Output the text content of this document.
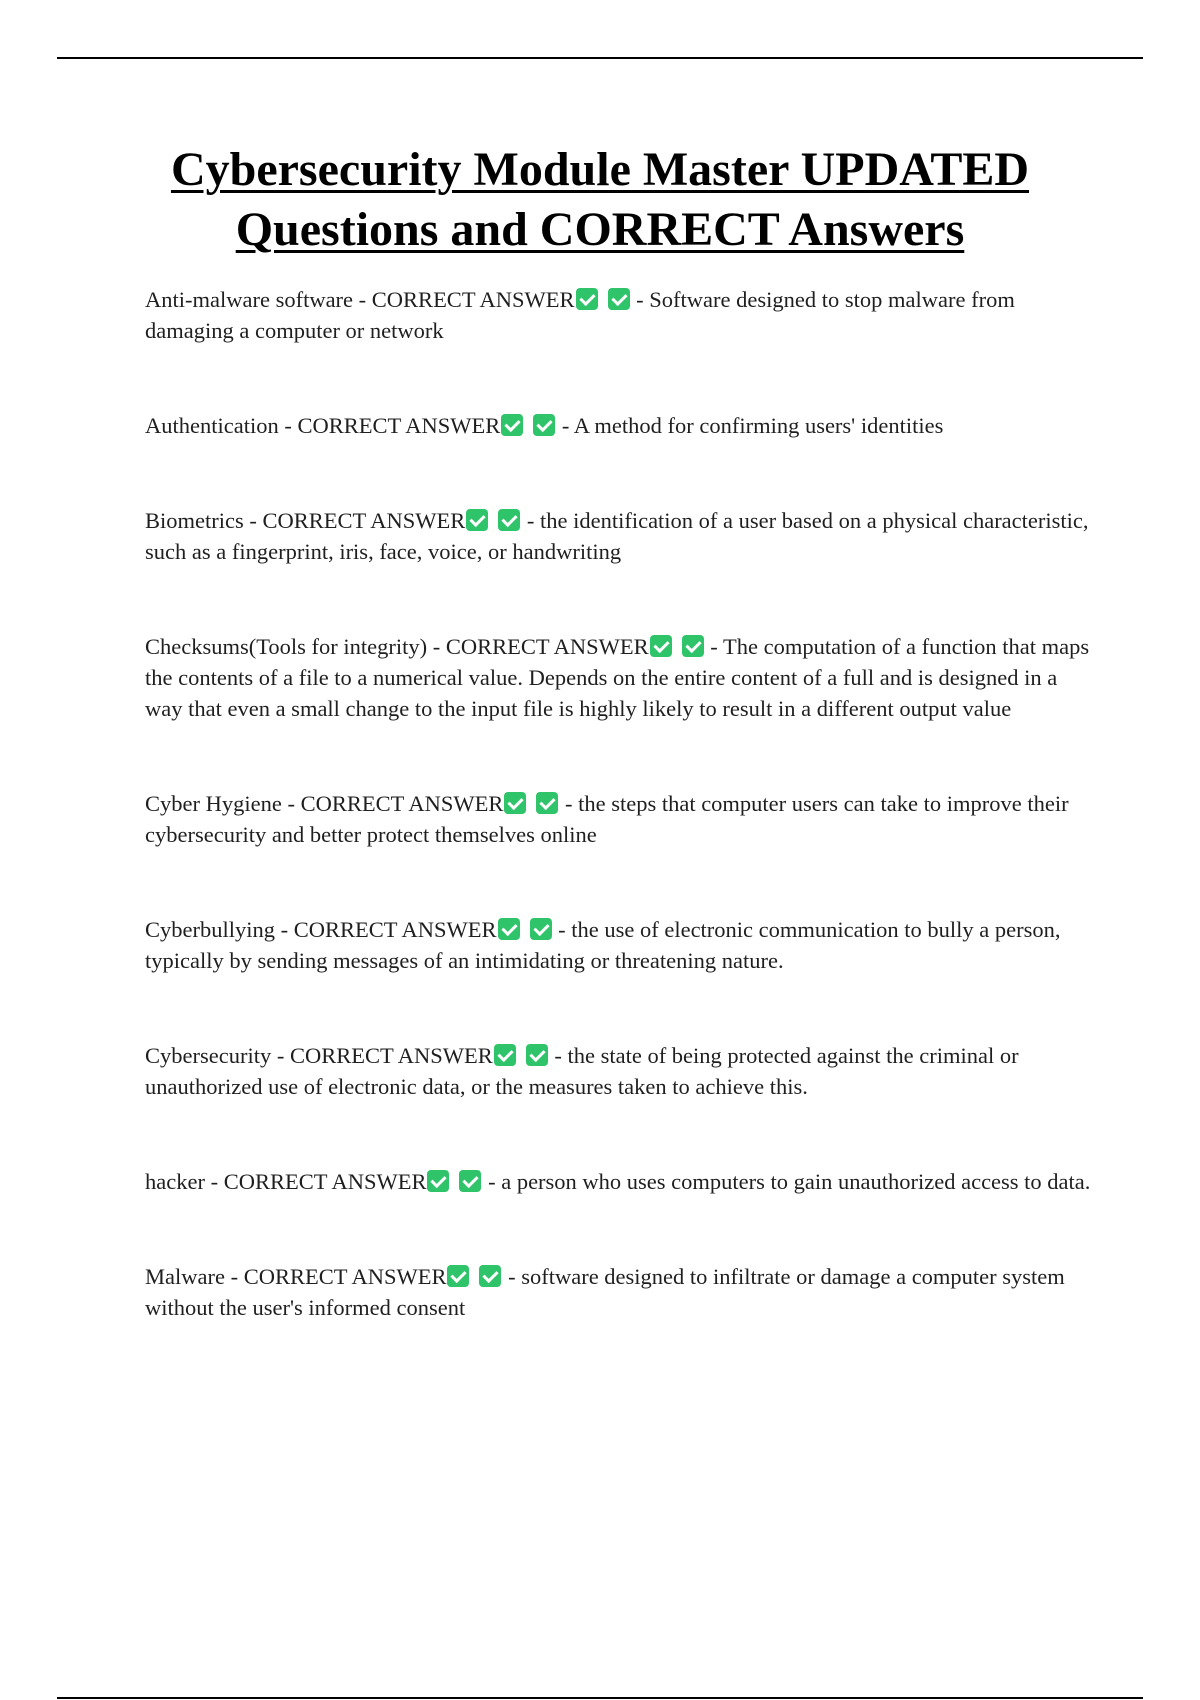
Cybersecurity Module Master UPDATED
Questions and CORRECT Answers

Anti-malware software - CORRECT ANSWER - Software designed to stop malware from damaging a computer or network

Authentication - CORRECT ANSWER - A method for confirming users' identities

Biometrics - CORRECT ANSWER - the identification of a user based on a physical characteristic, such as a fingerprint, iris, face, voice, or handwriting

Checksums(Tools for integrity) - CORRECT ANSWER - The computation of a function that maps the contents of a file to a numerical value. Depends on the entire content of a full and is designed in a way that even a small change to the input file is highly likely to result in a different output value

Cyber Hygiene - CORRECT ANSWER - the steps that computer users can take to improve their cybersecurity and better protect themselves online

Cyberbullying - CORRECT ANSWER - the use of electronic communication to bully a person, typically by sending messages of an intimidating or threatening nature.

Cybersecurity - CORRECT ANSWER - the state of being protected against the criminal or unauthorized use of electronic data, or the measures taken to achieve this.

hacker - CORRECT ANSWER - a person who uses computers to gain unauthorized access to data.

Malware - CORRECT ANSWER - software designed to infiltrate or damage a computer system without the user's informed consent
